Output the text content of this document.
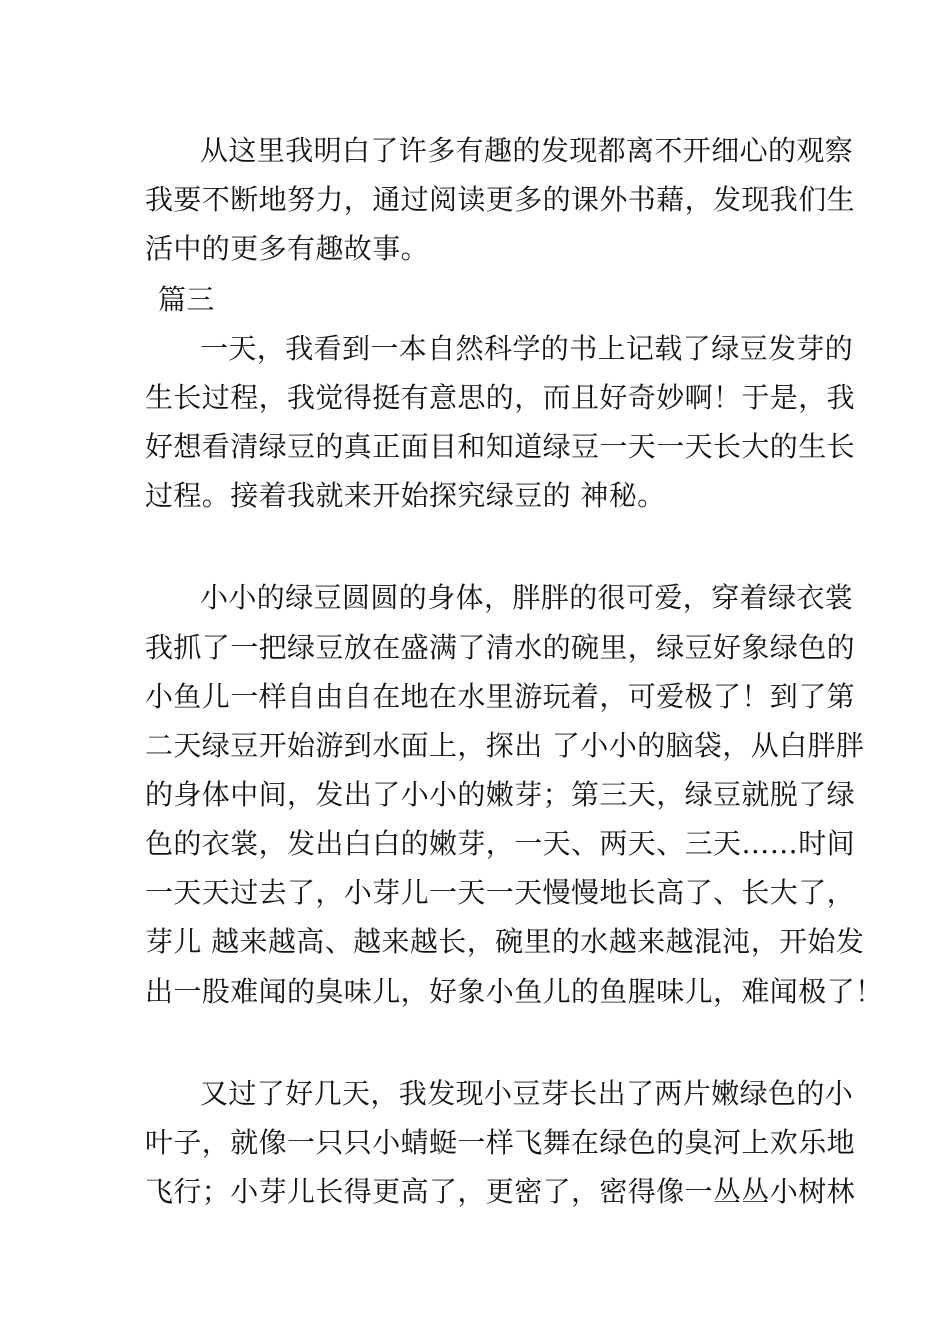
从这里我明白了许多有趣的发现都离不开细心的观察
我要不断地努力，通过阅读更多的课外书藉，发现我们生
活中的更多有趣故事。
篇三
一天，我看到一本自然科学的书上记载了绿豆发芽的
生长过程，我觉得挺有意思的，而且好奇妙啊！于是，我
好想看清绿豆的真正面目和知道绿豆一天一天长大的生长
过程。接着我就来开始探究绿豆的 神秘。
小小的绿豆圆圆的身体，胖胖的很可爱，穿着绿衣裳
我抓了一把绿豆放在盛满了清水的碗里，绿豆好象绿色的
小鱼儿一样自由自在地在水里游玩着，可爱极了！到了第
二天绿豆开始游到水面上，探出 了小小的脑袋，从白胖胖
的身体中间，发出了小小的嫩芽；第三天，绿豆就脱了绿
色的衣裳，发出白白的嫩芽，一天、两天、三天……时间
一天天过去了，小芽儿一天一天慢慢地长高了、长大了，
芽儿 越来越高、越来越长，碗里的水越来越混沌，开始发
出一股难闻的臭味儿，好象小鱼儿的鱼腥味儿，难闻极了！
又过了好几天，我发现小豆芽长出了两片嫩绿色的小
叶子，就像一只只小蜻蜓一样飞舞在绿色的臭河上欢乐地
飞行；小芽儿长得更高了，更密了，密得像一丛丛小树林
